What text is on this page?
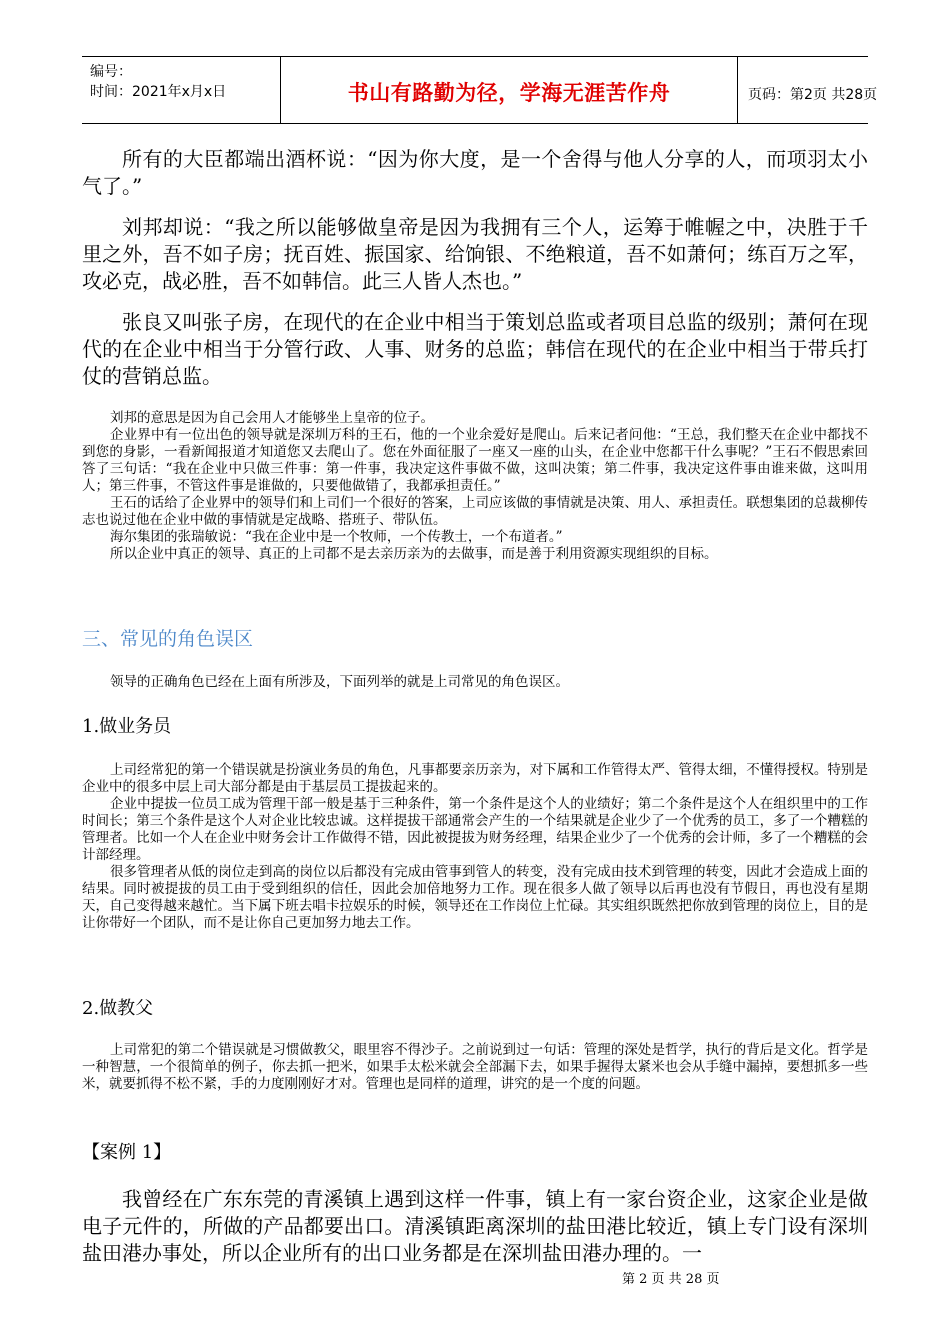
编号：
时间：2021年x月x日	书山有路勤为径，学海无涯苦作舟	页码：第2页 共28页

所有的大臣都端出酒杯说：“因为你大度，是一个舍得与他人分享的人，而项羽太小气了。”

刘邦却说：“我之所以能够做皇帝是因为我拥有三个人，运筹于帷幄之中，决胜于千里之外，吾不如子房；抚百姓、振国家、给饷银、不绝粮道，吾不如萧何；练百万之军，攻必克，战必胜，吾不如韩信。此三人皆人杰也。”

张良又叫张子房，在现代的在企业中相当于策划总监或者项目总监的级别；萧何在现代的在企业中相当于分管行政、人事、财务的总监；韩信在现代的在企业中相当于带兵打仗的营销总监。

刘邦的意思是因为自己会用人才能够坐上皇帝的位子。

企业界中有一位出色的领导就是深圳万科的王石，他的一个业余爱好是爬山。后来记者问他：“王总，我们整天在企业中都找不到您的身影，一看新闻报道才知道您又去爬山了。您在外面征服了一座又一座的山头，在企业中您都干什么事呢？”王石不假思索回答了三句话：“我在企业中只做三件事：第一件事，我决定这件事做不做，这叫决策；第二件事，我决定这件事由谁来做，这叫用人；第三件事，不管这件事是谁做的，只要他做错了，我都承担责任。”

王石的话给了企业界中的领导们和上司们一个很好的答案，上司应该做的事情就是决策、用人、承担责任。联想集团的总裁柳传志也说过他在企业中做的事情就是定战略、搭班子、带队伍。

海尔集团的张瑞敏说：“我在企业中是一个牧师，一个传教士，一个布道者。”

所以企业中真正的领导、真正的上司都不是去亲历亲为的去做事，而是善于利用资源实现组织的目标。

三、常见的角色误区

领导的正确角色已经在上面有所涉及，下面列举的就是上司常见的角色误区。

1.做业务员

上司经常犯的第一个错误就是扮演业务员的角色，凡事都要亲历亲为，对下属和工作管得太严、管得太细，不懂得授权。特别是企业中的很多中层上司大部分都是由于基层员工提拔起来的。

企业中提拔一位员工成为管理干部一般是基于三种条件，第一个条件是这个人的业绩好；第二个条件是这个人在组织里中的工作时间长；第三个条件是这个人对企业比较忠诚。这样提拔干部通常会产生的一个结果就是企业少了一个优秀的员工，多了一个糟糕的管理者。比如一个人在企业中财务会计工作做得不错，因此被提拔为财务经理，结果企业少了一个优秀的会计师，多了一个糟糕的会计部经理。

很多管理者从低的岗位走到高的岗位以后都没有完成由管事到管人的转变，没有完成由技术到管理的转变，因此才会造成上面的结果。同时被提拔的员工由于受到组织的信任，因此会加倍地努力工作。现在很多人做了领导以后再也没有节假日，再也没有星期天，自己变得越来越忙。当下属下班去唱卡拉娱乐的时候，领导还在工作岗位上忙碌。其实组织既然把你放到管理的岗位上，目的是让你带好一个团队，而不是让你自己更加努力地去工作。

2.做教父

上司常犯的第二个错误就是习惯做教父，眼里容不得沙子。之前说到过一句话：管理的深处是哲学，执行的背后是文化。哲学是一种智慧，一个很简单的例子，你去抓一把米，如果手太松米就会全部漏下去，如果手握得太紧米也会从手缝中漏掉，要想抓多一些米，就要抓得不松不紧，手的力度刚刚好才对。管理也是同样的道理，讲究的是一个度的问题。

【案例 1】

我曾经在广东东莞的青溪镇上遇到这样一件事，镇上有一家台资企业，这家企业是做电子元件的，所做的产品都要出口。清溪镇距离深圳的盐田港比较近，镇上专门设有深圳盐田港办事处，所以企业所有的出口业务都是在深圳盐田港办理的。一

第 2 页 共 28 页
